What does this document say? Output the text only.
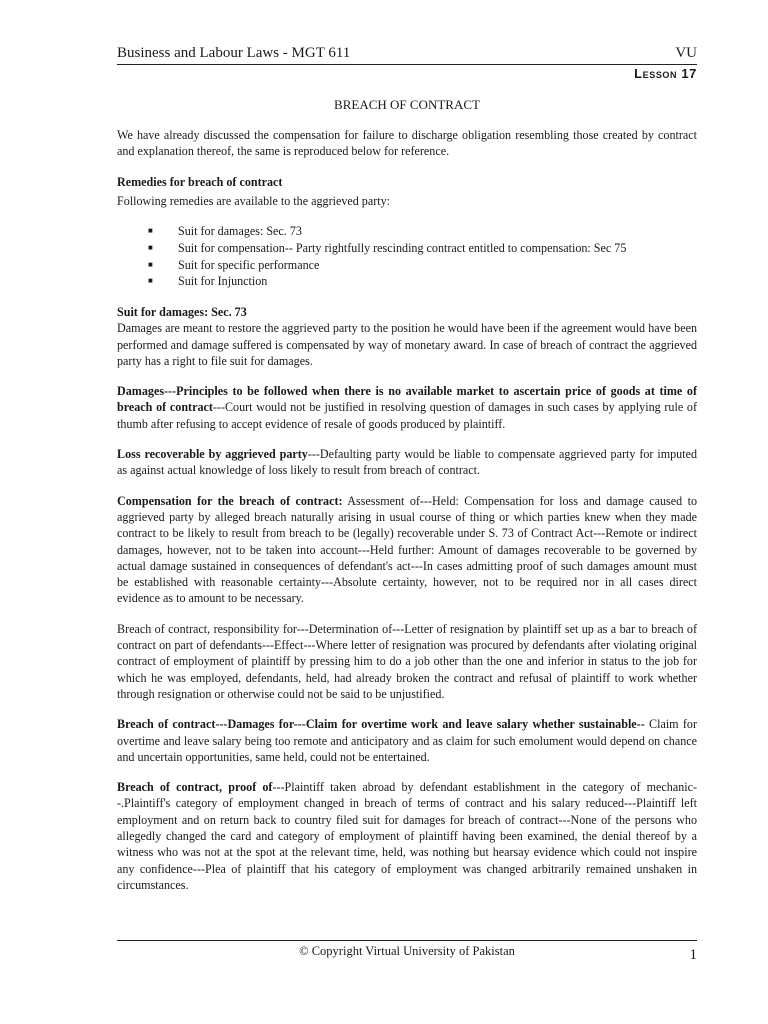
Business and Labour Laws - MGT 611	VU
Lesson 17
BREACH OF CONTRACT

We have already discussed the compensation for failure to discharge obligation resembling those created by contract and explanation thereof, the same is reproduced below for reference.

Remedies for breach of contract

Following remedies are available to the aggrieved party:

■ Suit for damages: Sec. 73
■ Suit for compensation-- Party rightfully rescinding contract entitled to compensation: Sec 75
■ Suit for specific performance
■ Suit for Injunction
Suit for damages: Sec. 73

Damages are meant to restore the aggrieved party to the position he would have been if the agreement would have been performed and damage suffered is compensated by way of monetary award. In case of breach of contract the aggrieved party has a right to file suit for damages.

Damages---Principles to be followed when there is no available market to ascertain price of goods at time of breach of contract---Court would not be justified in resolving question of damages in such cases by applying rule of thumb after refusing to accept evidence of resale of goods produced by plaintiff.

Loss recoverable by aggrieved party---Defaulting party would be liable to compensate aggrieved party for imputed as against actual knowledge of loss likely to result from breach of contract.

Compensation for the breach of contract: Assessment of---Held: Compensation for loss and damage caused to aggrieved party by alleged breach naturally arising in usual course of thing or which parties knew when they made contract to be likely to result from breach to be (legally) recoverable under S. 73 of Contract Act---Remote or indirect damages, however, not to be taken into account---Held further: Amount of damages recoverable to be governed by actual damage sustained in consequences of defendant's act---In cases admitting proof of such damages amount must be established with reasonable certainty---Absolute certainty, however, not to be required nor in all cases direct evidence as to amount to be necessary.

Breach of contract, responsibility for---Determination of---Letter of resignation by plaintiff set up as a bar to breach of contract on part of defendants---Effect---Where letter of resignation was procured by defendants after violating original contract of employment of plaintiff by pressing him to do a job other than the one and inferior in status to the job for which he was employed, defendants, held, had already broken the contract and refusal of plaintiff to work whether through resignation or otherwise could not be said to be unjustified.

Breach of contract---Damages for---Claim for overtime work and leave salary whether sustainable-- Claim for overtime and leave salary being too remote and anticipatory and as claim for such emolument would depend on chance and uncertain opportunities, same held, could not be entertained.

Breach of contract, proof of---Plaintiff taken abroad by defendant establishment in the category of mechanic--.Plaintiff's category of employment changed in breach of terms of contract and his salary reduced---Plaintiff left employment and on return back to country filed suit for damages for breach of contract---None of the persons who allegedly changed the card and category of employment of plaintiff having been examined, the denial thereof by a witness who was not at the spot at the relevant time, held, was nothing but hearsay evidence which could not inspire any confidence---Plea of plaintiff that his category of employment was changed arbitrarily remained unshaken in circumstances.

© Copyright Virtual University of Pakistan	1
